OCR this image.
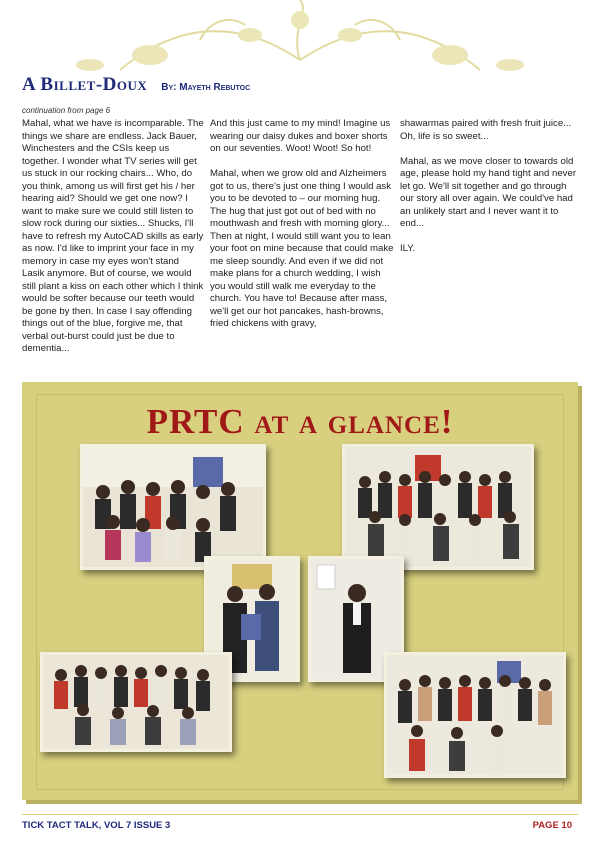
A Billet-Doux By: Mayeth Rebutoc
continuation from page 6
Mahal, what we have is incomparable. The things we share are endless. Jack Bauer, Winchesters and the CSIs keep us together. I wonder what TV series will get us stuck in our rocking chairs... Who, do you think, among us will first get his / her hearing aid? Should we get one now? I want to make sure we could still listen to slow rock during our sixties... Shucks, I'll have to refresh my AutoCAD skills as early as now. I'd like to imprint your face in my memory in case my eyes won't stand Lasik anymore. But of course, we would still plant a kiss on each other which I think would be softer because our teeth would be gone by then. In case I say offending things out of the blue, forgive me, that verbal out-burst could just be due to dementia...
And this just came to my mind! Imagine us wearing our daisy dukes and boxer shorts on our seventies. Woot! Woot! So hot!

Mahal, when we grow old and Alzheimers got to us, there's just one thing I would ask you to be devoted to – our morning hug. The hug that just got out of bed with no mouthwash and fresh with morning glory... Then at night, I would still want you to lean your foot on mine because that could make me sleep soundly. And even if we did not make plans for a church wedding, I wish you would still walk me everyday to the church. You have to! Because after mass, we'll get our hot pancakes, hash-browns, fried chickens with gravy,
shawarmas paired with fresh fruit juice... Oh, life is so sweet...

Mahal, as we move closer to towards old age, please hold my hand tight and never let go. We'll sit together and go through our story all over again. We could've had an unlikely start and I never want it to end...

ILY.
PRTC at a glance!
TICK TACT TALK, VOL 7 ISSUE 3	PAGE 10
